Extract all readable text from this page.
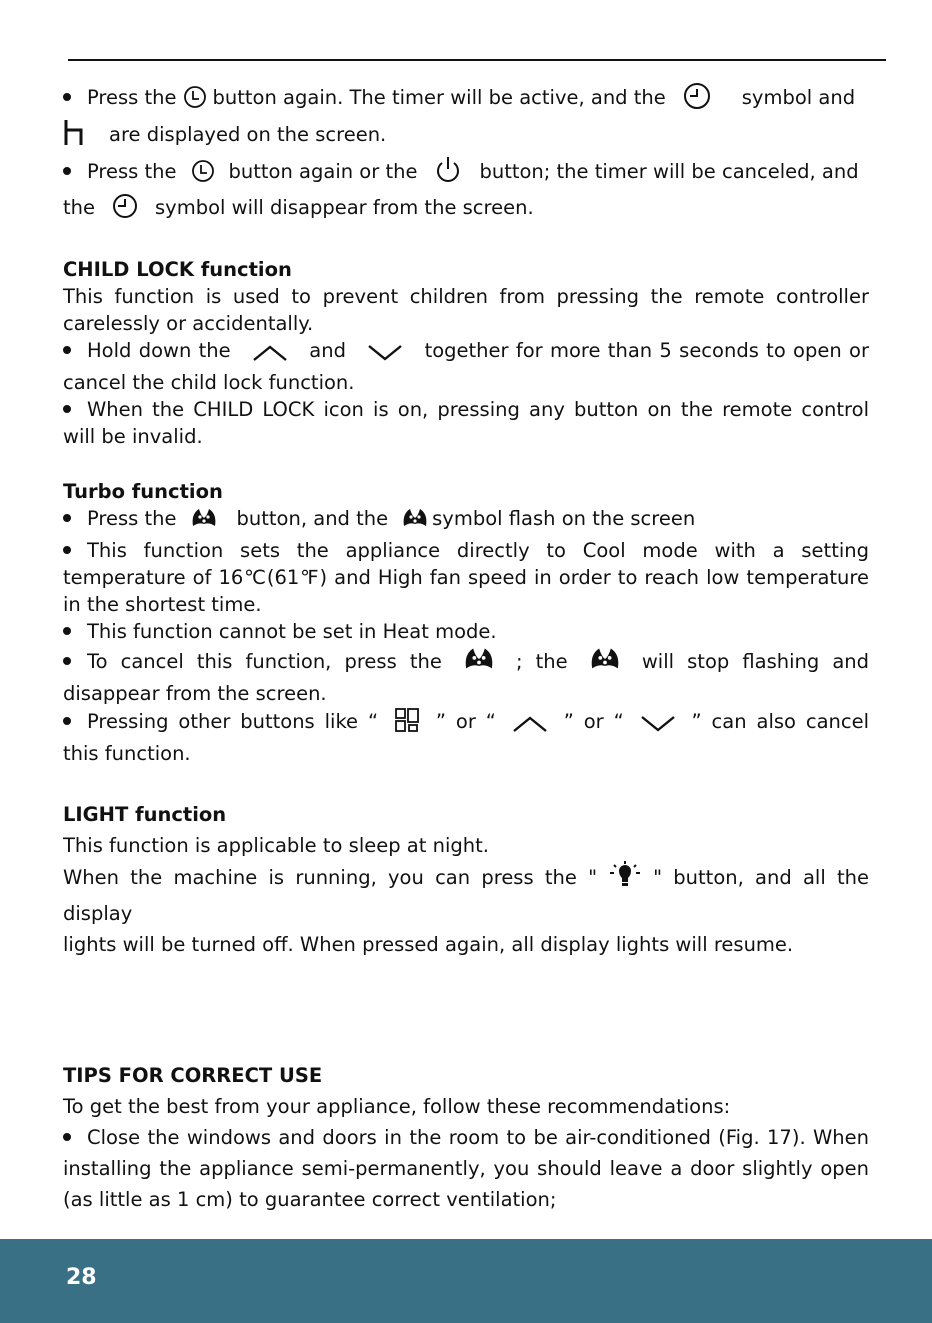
Press the button again. The timer will be active, and the	symbol and
are displayed on the screen.
Press the	button again or the	button; the timer will be canceled, and
the	symbol will disappear from the screen.
CHILD LOCK function
This function is used to prevent children from pressing the remote controller
carelessly or accidentally.
Hold down the	and	together for more than 5 seconds to open or
cancel the child lock function.
When the CHILD LOCK icon is on, pressing any button on the remote control
will be invalid.
Turbo function
Press the	button, and the symbol flash on the screen
This function sets the appliance directly to Cool mode with a setting
temperature of 16℃(61℉) and High fan speed in order to reach low temperature
in the shortest time.
This function cannot be set in Heat mode.
To cancel this function, press the	; the	will stop flashing and
disappear from the screen.
Pressing other buttons like “	” or “	” or “	” can also cancel
this function.
LIGHT function
This function is applicable to sleep at night.
When the machine is running, you can press the "	" button, and all the display
lights will be turned off. When pressed again, all display lights will resume.
TIPS FOR CORRECT USE
To get the best from your appliance, follow these recommendations:
Close the windows and doors in the room to be air-conditioned (Fig. 17). When
installing the appliance semi-permanently, you should leave a door slightly open
(as little as 1 cm) to guarantee correct ventilation;
28
